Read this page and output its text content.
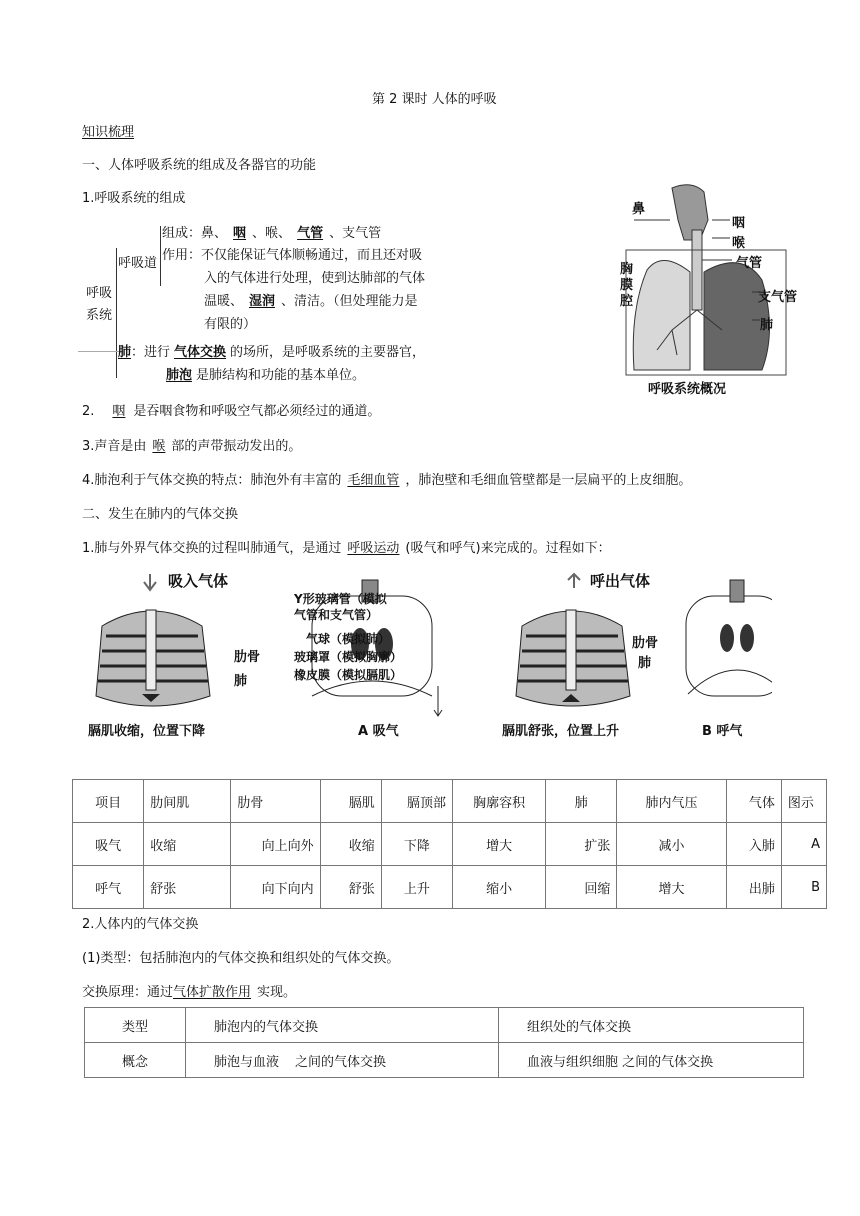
第 2 课时 人体的呼吸
知识梳理
一、人体呼吸系统的组成及各器官的功能
1.呼吸系统的组成
呼吸
系统
呼吸道
组成：鼻、 咽 、喉、 气管 、支气管
作用：不仅能保证气体顺畅通过，而且还对吸
入的气体进行处理，使到达肺部的气体
温暖、 湿润 、清洁。（但处理能力是
有限的）
肺：进行 气体交换 的场所，是呼吸系统的主要器官，
肺泡 是肺结构和功能的基本单位。
鼻
咽
喉
气管
胸
膜
腔	支气管
肺
呼吸系统概况
2. 咽 是吞咽食物和呼吸空气都必须经过的通道。
3.声音是由 喉 部的声带振动发出的。
4.肺泡利于气体交换的特点：肺泡外有丰富的 毛细血管 ，肺泡壁和毛细血管壁都是一层扁平的上皮细胞。
二、发生在肺内的气体交换
1.肺与外界气体交换的过程叫肺通气，是通过 呼吸运动 (吸气和呼气)来完成的。过程如下：
吸入气体
肋骨
肺
膈肌收缩，位置下降
Y形玻璃管（模拟
气管和支气管）
气球（模拟肺）
玻璃罩（模拟胸廓）
橡皮膜（模拟膈肌）
A 吸气
呼出气体
肋骨
肺
膈肌舒张，位置上升	B 呼气
项目	肋间肌	肋骨	膈肌	膈顶部	胸廓容积	肺	肺内气压	气体	图示
吸气	收缩	向上向外	收缩	下降	增大	扩张	减小	入肺	A
呼气	舒张	向下向内	舒张	上升	缩小	回缩	增大	出肺	B
2.人体内的气体交换
(1)类型：包括肺泡内的气体交换和组织处的气体交换。
交换原理：通过气体扩散作用 实现。
类型	肺泡内的气体交换	组织处的气体交换
概念	肺泡与血液 之间的气体交换	血液与组织细胞 之间的气体交换
